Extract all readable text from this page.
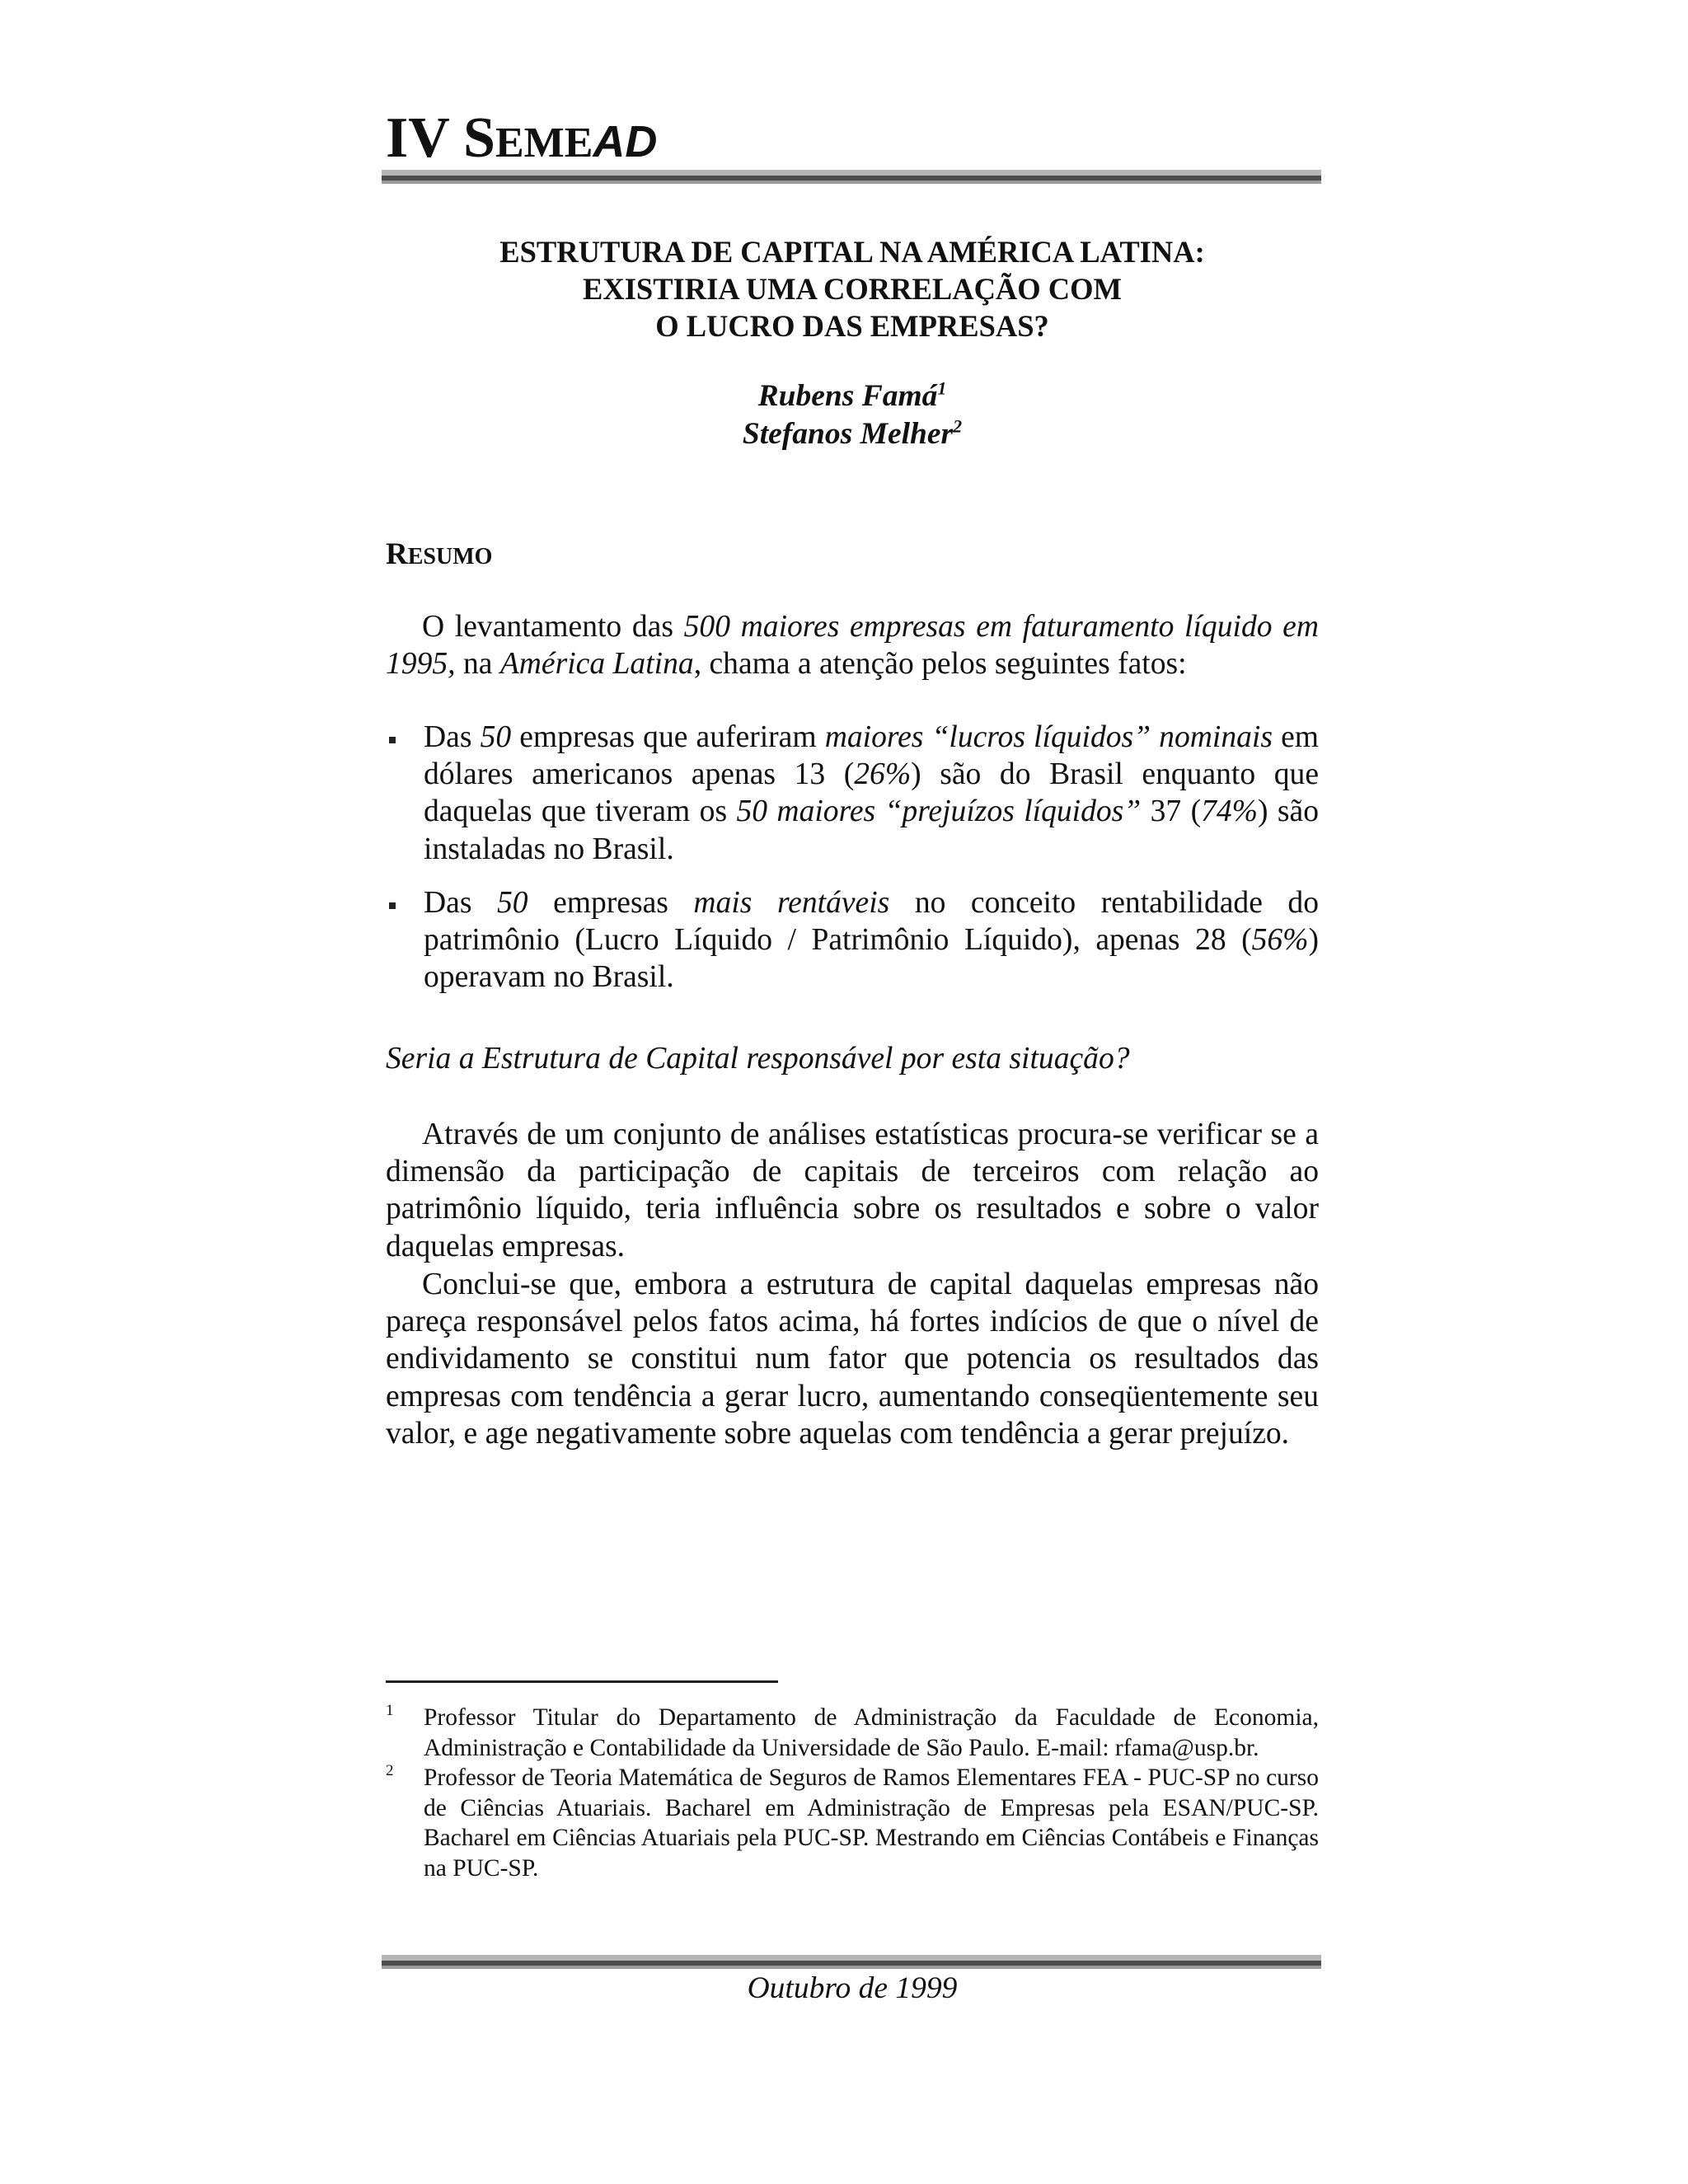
IV SEMEAD
ESTRUTURA DE CAPITAL NA AMÉRICA LATINA:
EXISTIRIA UMA CORRELAÇÃO COM
O LUCRO DAS EMPRESAS?
Rubens Famá$^1$
Stefanos Melher$^2$
RESUMO

O levantamento das 500 maiores empresas em faturamento líquido em 1995, na América Latina, chama a atenção pelos seguintes fatos:

Das 50 empresas que auferiram maiores “lucros líquidos” nominais em dólares americanos apenas 13 (26%) são do Brasil enquanto que daquelas que tiveram os 50 maiores “prejuízos líquidos” 37 (74%) são instaladas no Brasil.

Das 50 empresas mais rentáveis no conceito rentabilidade do patrimônio (Lucro Líquido / Patrimônio Líquido), apenas 28 (56%) operavam no Brasil.

Seria a Estrutura de Capital responsável por esta situação?

Através de um conjunto de análises estatísticas procura-se verificar se a dimensão da participação de capitais de terceiros com relação ao patrimônio líquido, teria influência sobre os resultados e sobre o valor daquelas empresas.

Conclui-se que, embora a estrutura de capital daquelas empresas não pareça responsável pelos fatos acima, há fortes indícios de que o nível de endividamento se constitui num fator que potencia os resultados das empresas com tendência a gerar lucro, aumentando conseqüentemente seu valor, e age negativamente sobre aquelas com tendência a gerar prejuízo.

1 Professor Titular do Departamento de Administração da Faculdade de Economia, Administração e Contabilidade da Universidade de São Paulo. E-mail: rfama@usp.br.
2 Professor de Teoria Matemática de Seguros de Ramos Elementares FEA - PUC-SP no curso de Ciências Atuariais. Bacharel em Administração de Empresas pela ESAN/PUC-SP. Bacharel em Ciências Atuariais pela PUC-SP. Mestrando em Ciências Contábeis e Finanças na PUC-SP.
Outubro de 1999
